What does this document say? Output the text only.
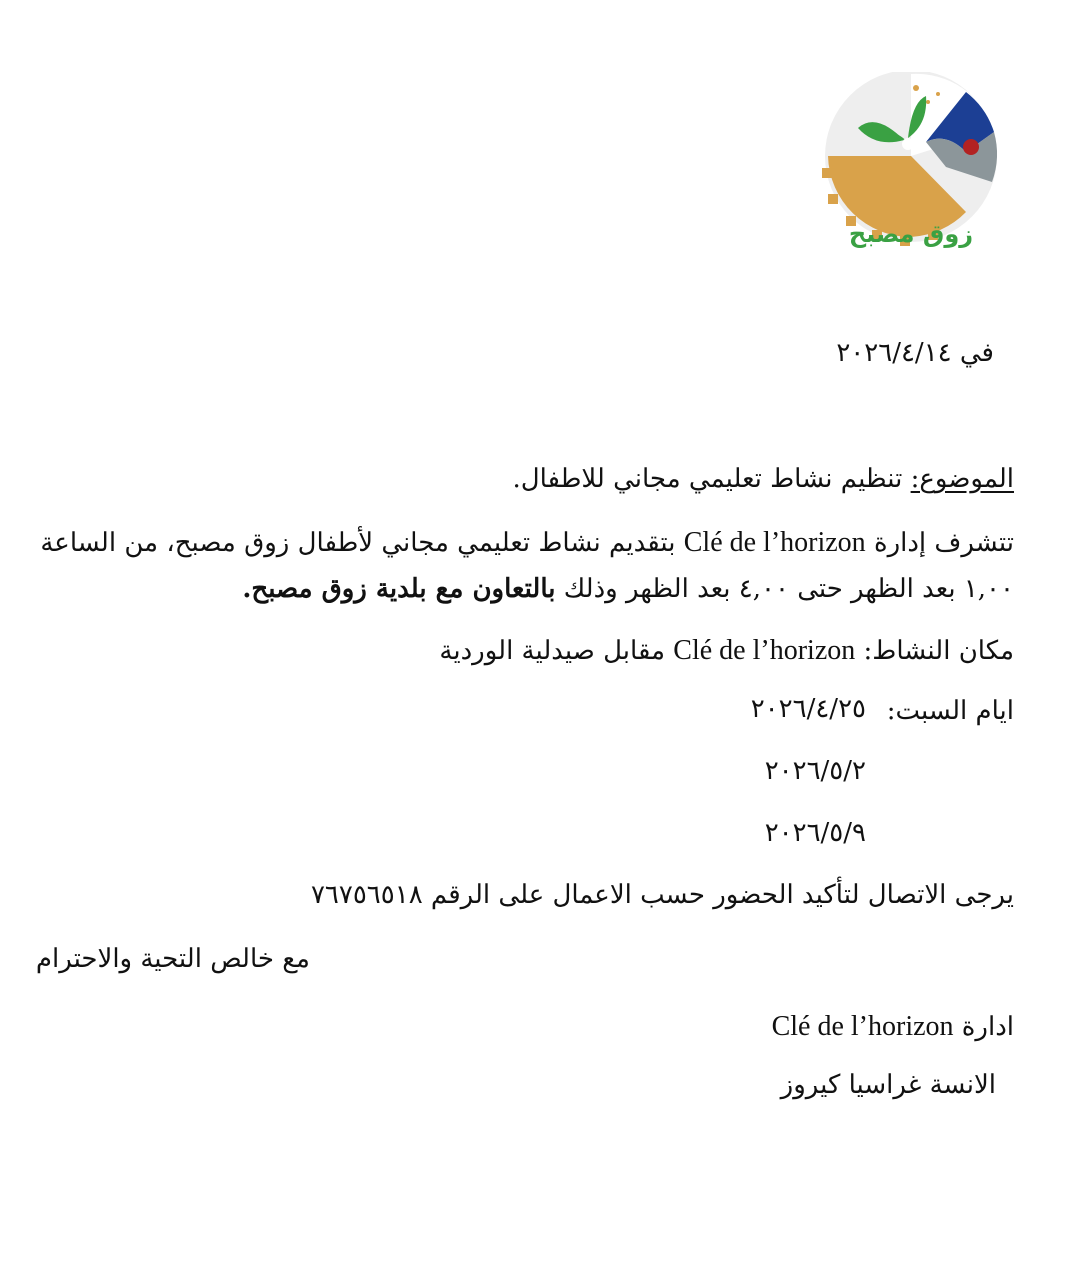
زوق مصبح
في ٢٠٢٦/٤/١٤
الموضوع: تنظيم نشاط تعليمي مجاني للاطفال.
تتشرف إدارة Clé de l’horizon بتقديم نشاط تعليمي مجاني لأطفال زوق مصبح، من الساعة
١,٠٠ بعد الظهر حتى ٤,٠٠ بعد الظهر وذلك بالتعاون مع بلدية زوق مصبح.
مكان النشاط: Clé de l’horizon مقابل صيدلية الوردية
ايام السبت:
٢٠٢٦/٤/٢٥
٢٠٢٦/٥/٢
٢٠٢٦/٥/٩
يرجى الاتصال لتأكيد الحضور حسب الاعمال على الرقم ٧٦٧٥٦٥١٨
مع خالص التحية والاحترام
ادارة Clé de l’horizon
الانسة غراسيا كيروز
